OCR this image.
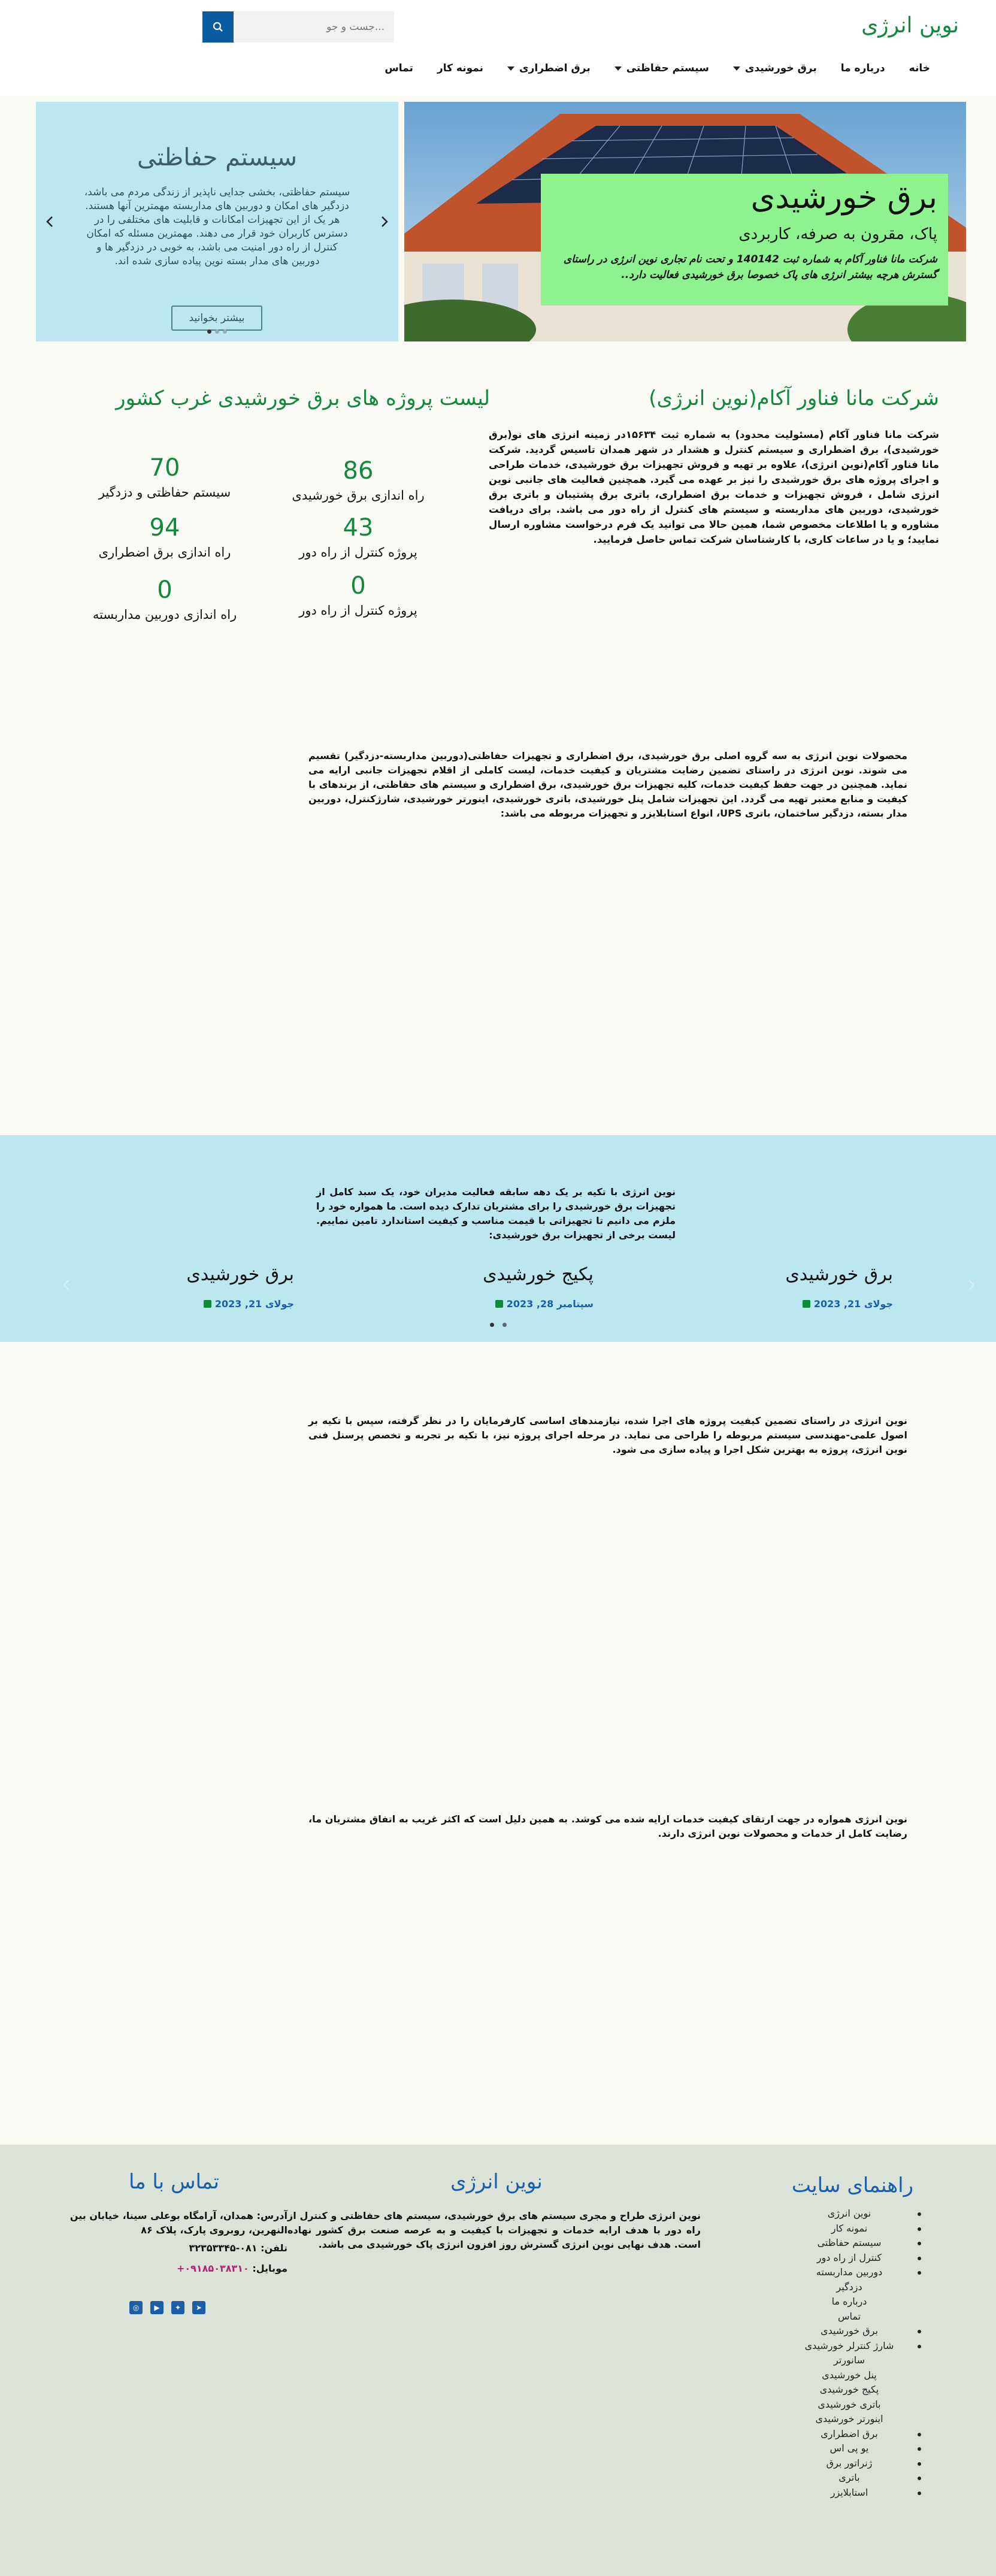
نوین انرژی
جست و جو...
خانه
درباره ما
برق خورشیدی
سیستم حفاظتی
برق اضطراری
نمونه کار
تماس
سیستم حفاظتی
سیستم حفاظتی، بخشی جدایی ناپذیر از زندگی مردم می باشد، دزدگیر های امکان و دوربین های مداربسته مهمترین آنها هستند. هر یک از این تجهیزات امکانات و قابلیت های مختلفی را در دسترس کاربران خود قرار می دهند. مهمترین مسئله که امکان کنترل از راه دور امنیت می باشد، به خوبی در دزدگیر ها و دوربین های مدار بسته نوین پیاده سازی شده اند.
بیشتر بخوانید
برق خورشیدی
پاک، مقرون به صرفه، کاربردی
شرکت مانا فناور آکام به شماره ثبت 140142 و تحت نام تجاری نوین انرژی در راستای گسترش هرچه بیشتر انرژی های پاک خصوصا برق خورشیدی فعالیت دارد..
شرکت مانا فناور آکام(نوین انرژی)
شرکت مانا فناور آکام (مسئولیت محدود) به شماره ثبت ۱۵۶۳۴در زمینه انرژی های نو(برق خورشیدی)، برق اضطراری و سیستم کنترل و هشدار در شهر همدان تاسیس گردید. شرکت مانا فناور آکام(نوین انرژی)، علاوه بر تهیه و فروش تجهیزات برق خورشیدی، خدمات طراحی و اجرای پروژه های برق خورشیدی را نیز بر عهده می گیرد. همچنین فعالیت های جانبی نوین انرژی شامل ، فروش تجهیزات و خدمات برق اضطراری، باتری برق پشتیبان و باتری برق خورشیدی، دوربین های مداربسته و سیستم های کنترل از راه دور می باشد. برای دریافت مشاوره و یا اطلاعات مخصوص شما، همین حالا می توانید یک فرم درخواست مشاوره ارسال نمایید؛ و یا در ساعات کاری، با کارشناسان شرکت تماس حاصل فرمایید.
لیست پروژه های برق خورشیدی غرب کشور
86
راه اندازی برق خورشیدی
70
سیستم حفاظتی و دزدگیر
43
پروژه کنترل از راه دور
94
راه اندازی برق اضطراری
0
پروژه کنترل از راه دور
0
راه اندازی دوربین مداربسته
محصولات نوین انرژی به سه گروه اصلی برق خورشیدی، برق اضطراری و تجهیزات حفاظتی(دوربین مداربسته-دزدگیر) تقسیم می شوند. نوین انرژی در راستای تضمین رضایت مشتریان و کیفیت خدمات، لیست کاملی از اقلام تجهیزات جانبی ارایه می نماید. همچنین در جهت حفظ کیفیت خدمات، کلیه تجهیزات برق خورشیدی، برق اضطراری و سیستم های حفاظتی، از برندهای با کیفیت و منابع معتبر تهیه می گردد. این تجهیزات شامل پنل خورشیدی، باتری خورشیدی، اینورتر خورشیدی، شارژکنترل، دوربین مدار بسته، دزدگیر ساختمان، باتری UPS، انواع استابلایزر و تجهیزات مربوطه می باشد:
نوین انرژی با تکیه بر یک دهه سابقه فعالیت مدیران خود، یک سبد کامل از تجهیزات برق خورشیدی را برای مشتریان تدارک دیده است. ما همواره خود را ملزم می دانیم تا تجهیزاتی با قیمت مناسب و کیفیت استاندارد تامین نماییم. لیست برخی از تجهیزات برق خورشیدی:
برق خورشیدی
جولای 21, 2023
پکیج خورشیدی
سپتامبر 28, 2023
برق خورشیدی
جولای 21, 2023
نوین انرژی در راستای تضمین کیفیت پروژه های اجرا شده، نیازمندهای اساسی کارفرمایان را در نظر گرفته، سپس با تکیه بر اصول علمی-مهندسی سیستم مربوطه را طراحی می نماید. در مرحله اجرای پروژه نیز، با تکیه بر تجربه و تخصص پرسنل فنی نوین انرژی، پروژه به بهترین شکل اجرا و پیاده سازی می شود.
نوین انرژی همواره در جهت ارتقای کیفیت خدمات ارایه شده می کوشد. به همین دلیل است که اکثر غریب به اتفاق مشتریان ما، رضایت کامل از خدمات و محصولات نوین انرژی دارند.
راهنمای سایت
نوین انرژی
نمونه کار
سیستم حفاظتی
کنترل از راه دور
دوربین مداربسته
دزدگیر
درباره ما
تماس
برق خورشیدی
شارژ کنترلر خورشیدی
سانورتر
پنل خورشیدی
پکیج خورشیدی
باتری خورشیدی
اینورتر خورشیدی
برق اضطراری
یو پی اس
ژنراتور برق
باتری
استابلایزر
نوین انرژی
نوین انرژی طراح و مجری سیستم های برق خورشیدی، سیستم های حفاظتی و کنترل از راه دور با هدف ارایه خدمات و تجهیزات با کیفیت و به عرصه صنعت برق کشور نهاده است. هدف نهایی نوین انرژی گسترش روز افزون انرژی پاک خورشیدی می باشد.
تماس با ما
آدرس: همدان، آرامگاه بوعلی سینا، خیابان بین النهرین، روبروی پارک، پلاک ۸۶
تلفن: ۰۸۱-۳۲۳۵۳۳۴۵
موبایل: ۰۹۱۸۵۰۳۸۳۱۰+
◎	▶	✦	➤
